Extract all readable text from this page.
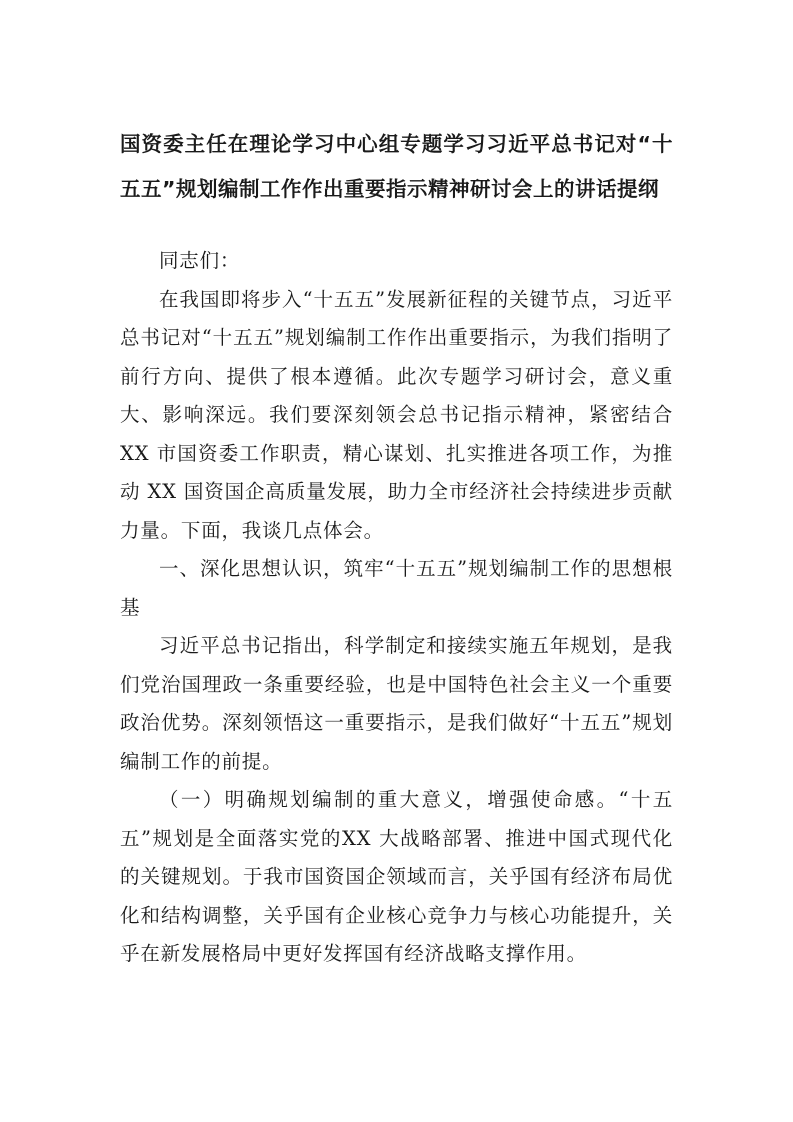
国资委主任在理论学习中心组专题学习习近平总书记对“十五五”规划编制工作作出重要指示精神研讨会上的讲话提纲

同志们：

在我国即将步入“十五五”发展新征程的关键节点，习近平总书记对“十五五”规划编制工作作出重要指示，为我们指明了前行方向、提供了根本遵循。此次专题学习研讨会，意义重大、影响深远。我们要深刻领会总书记指示精神，紧密结合 XX 市国资委工作职责，精心谋划、扎实推进各项工作，为推动 XX 国资国企高质量发展，助力全市经济社会持续进步贡献力量。下面，我谈几点体会。

一、深化思想认识，筑牢“十五五”规划编制工作的思想根基

习近平总书记指出，科学制定和接续实施五年规划，是我们党治国理政一条重要经验，也是中国特色社会主义一个重要政治优势。深刻领悟这一重要指示，是我们做好“十五五”规划编制工作的前提。

（一）明确规划编制的重大意义，增强使命感。“十五五”规划是全面落实党的XX 大战略部署、推进中国式现代化的关键规划。于我市国资国企领域而言，关乎国有经济布局优化和结构调整，关乎国有企业核心竞争力与核心功能提升，关乎在新发展格局中更好发挥国有经济战略支撑作用。
